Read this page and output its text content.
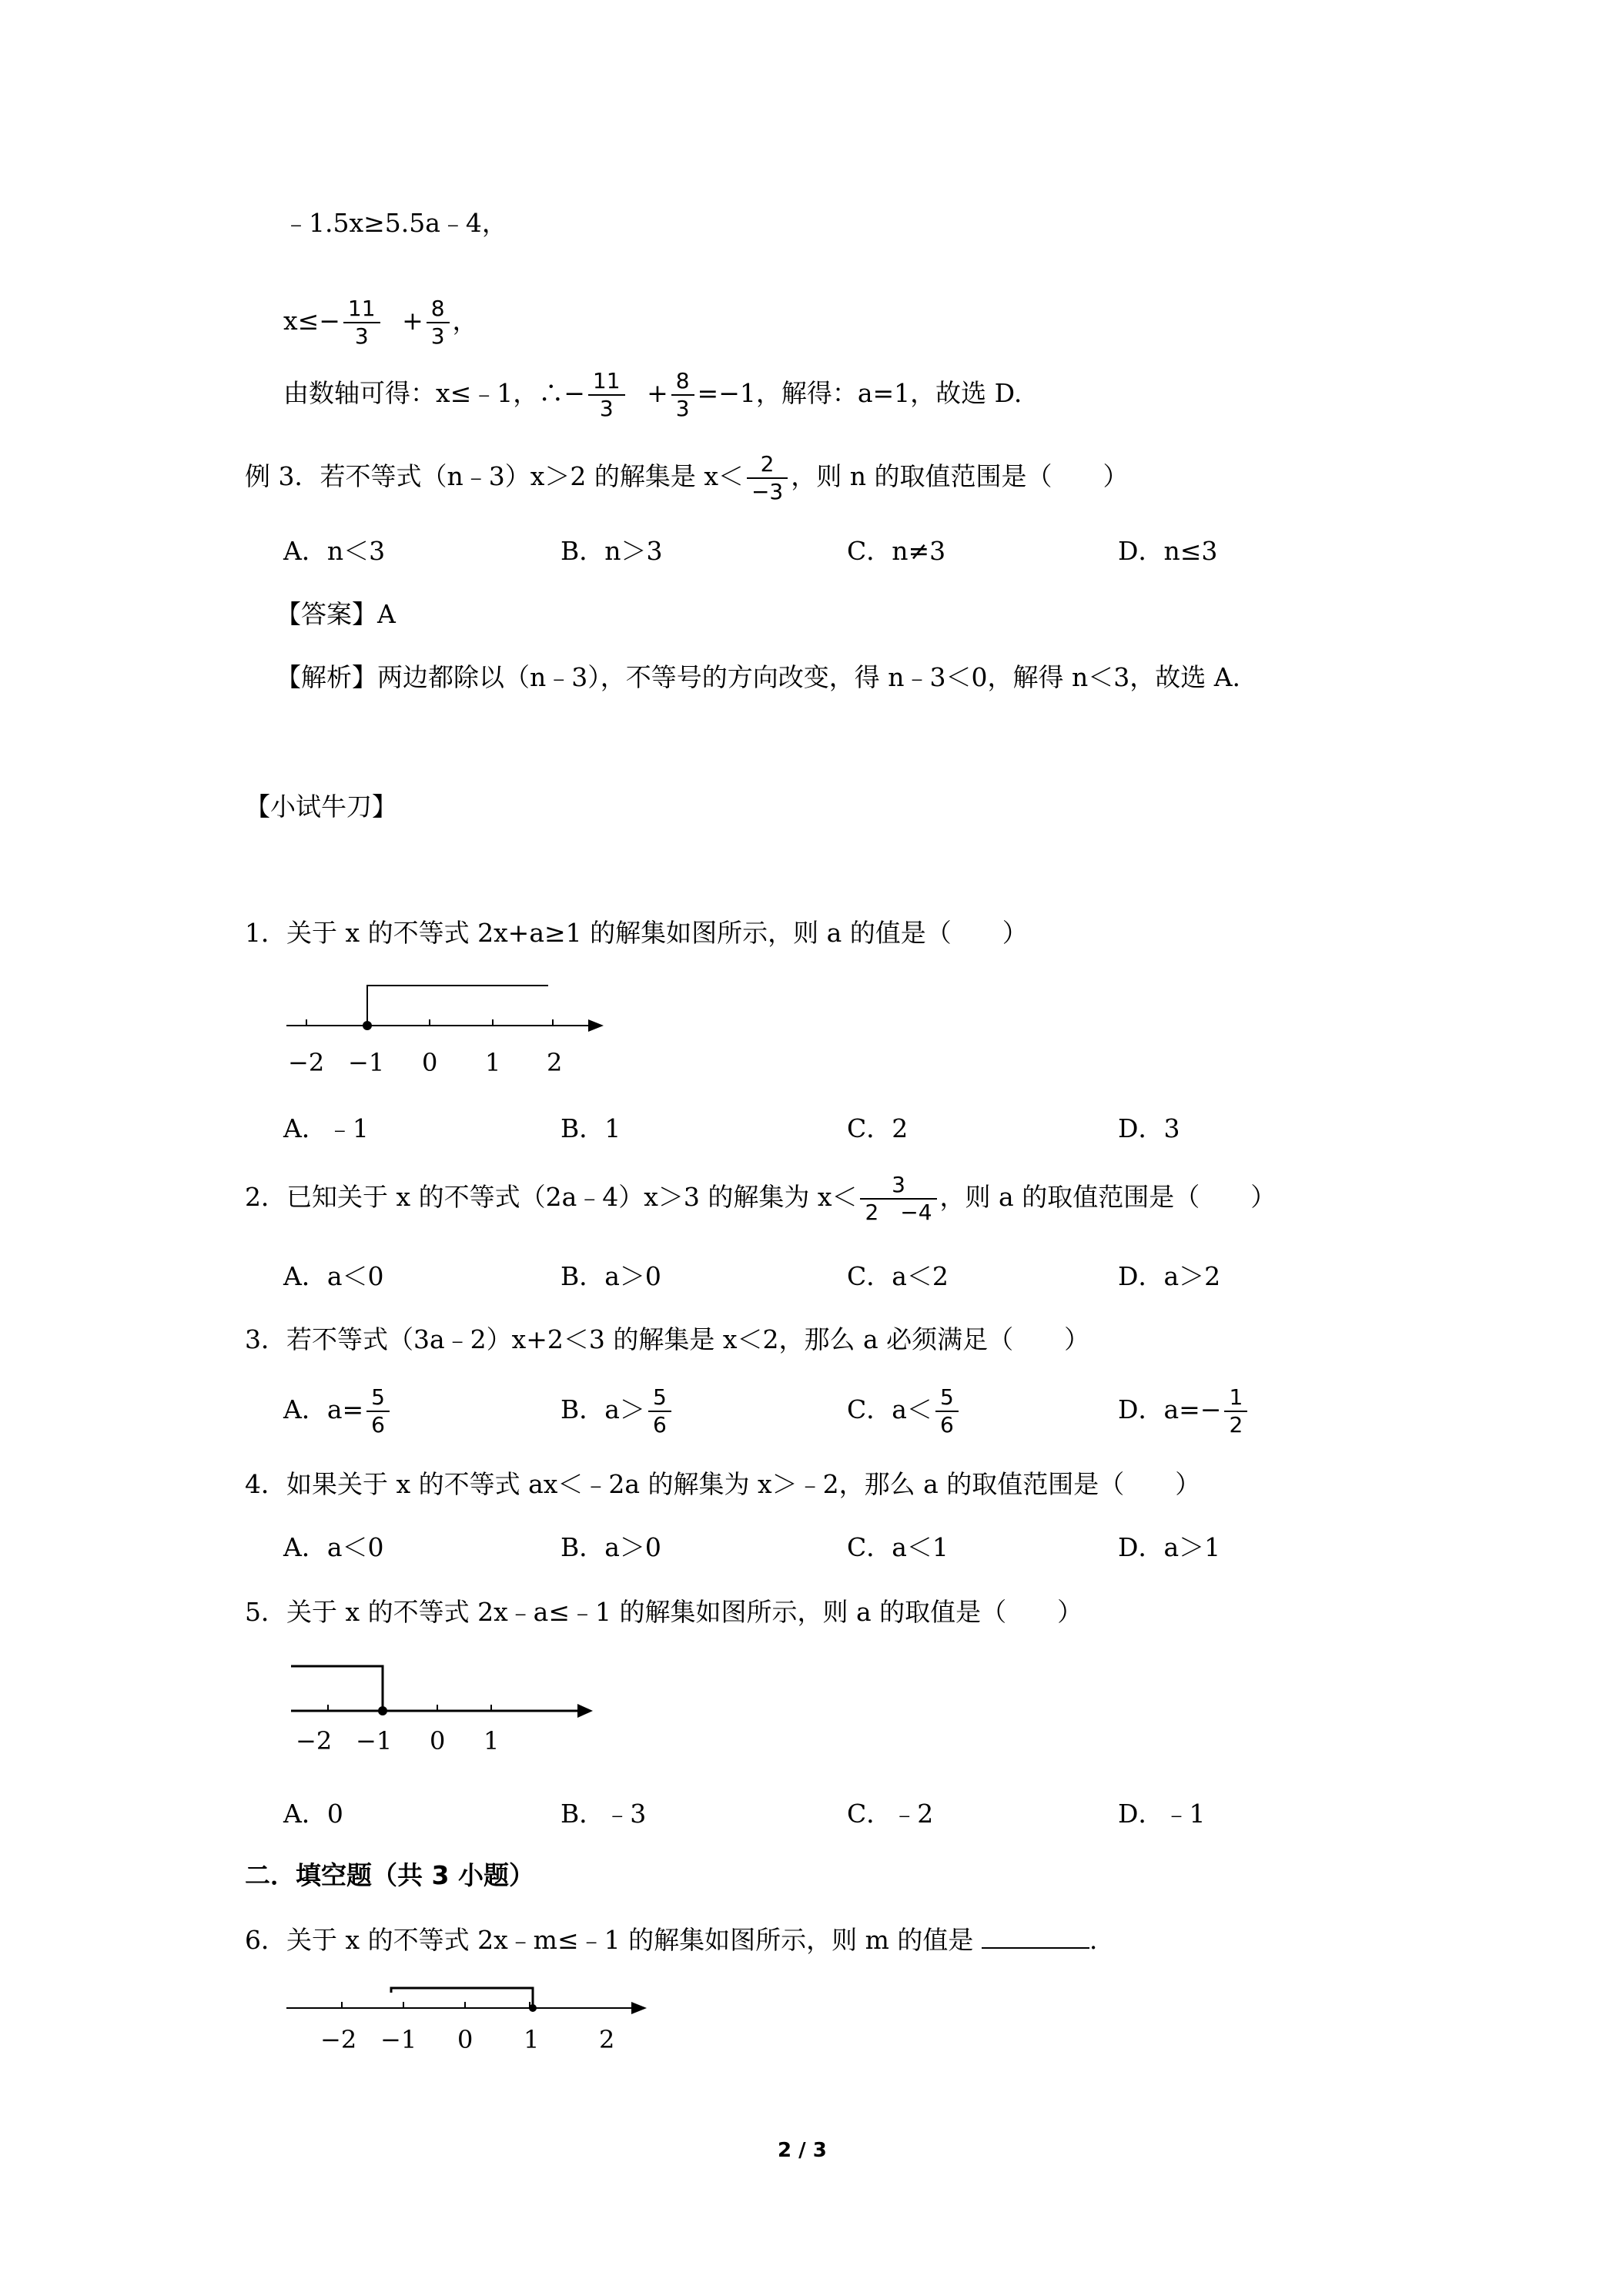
﹣1.5x≥5.5a﹣4，
$x\le- \frac{11}{3} + \frac{8}{3}$ ，
由数轴可得：x≤﹣1，∴− $\frac{11}{3} + \frac{8}{3} =-1$，解得：a=1，故选 D.
例 3．若不等式（n﹣3）x＞2 的解集是 $x< \frac{2}{-3}$ ，则 n 的取值范围是（　　）
A．n＜3	B．n＞3	C．n≠3	D．n≤3
【答案】A
【解析】两边都除以（n﹣3），不等号的方向改变，得 n﹣3＜0，解得 n＜3，故选 A.
【小试牛刀】
1．关于 x 的不等式 2x+a≥1 的解集如图所示，则 a 的值是（　　）
−2 −1 0 1 2
A．﹣1	B．1	C．2	D．3
2．已知关于 x 的不等式（2a﹣4）x＞3 的解集为 $x< \frac{3}{2 -4}$ ，则 a 的取值范围是（　　）
A．a＜0	B．a＞0	C．a＜2	D．a＞2
3．若不等式（3a﹣2）x+2＜3 的解集是 x＜2，那么 a 必须满足（　　）
A．$a= \frac{5}{6}$	B．$a> \frac{5}{6}$	C．$a< \frac{5}{6}$	D．$a=- \frac{1}{2}$
4．如果关于 x 的不等式 ax＜﹣2a 的解集为 x＞﹣2，那么 a 的取值范围是（　　）
A．a＜0	B．a＞0	C．a＜1	D．a＞1
5．关于 x 的不等式 2x﹣a≤﹣1 的解集如图所示，则 a 的取值是（　　）
−2 −1 0 1
A．0	B．﹣3	C．﹣2	D．﹣1
二．填空题（共 3 小题）
6．关于 x 的不等式 2x﹣m≤﹣1 的解集如图所示，则 m 的值是	.
−2 −1 0 1 2
2 / 3
